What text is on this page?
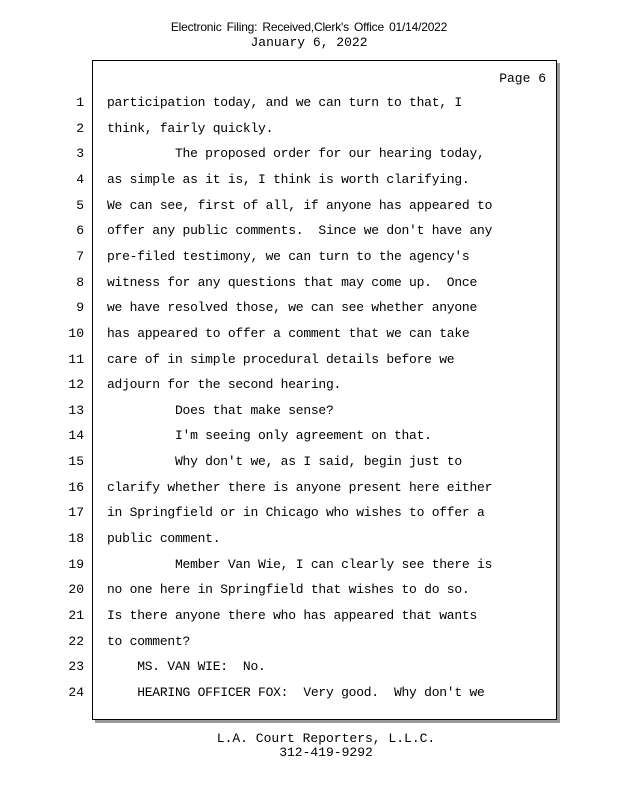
Electronic Filing: Received,Clerk's Office 01/14/2022
January 6, 2022
Page 6
1 participation today, and we can turn to that, I
2 think, fairly quickly.
3 The proposed order for our hearing today,
4 as simple as it is, I think is worth clarifying.
5 We can see, first of all, if anyone has appeared to
6 offer any public comments.  Since we don't have any
7 pre-filed testimony, we can turn to the agency's
8 witness for any questions that may come up.  Once
9 we have resolved those, we can see whether anyone
10 has appeared to offer a comment that we can take
11 care of in simple procedural details before we
12 adjourn for the second hearing.
13 Does that make sense?
14 I'm seeing only agreement on that.
15 Why don't we, as I said, begin just to
16 clarify whether there is anyone present here either
17 in Springfield or in Chicago who wishes to offer a
18 public comment.
19 Member Van Wie, I can clearly see there is
20 no one here in Springfield that wishes to do so.
21 Is there anyone there who has appeared that wants
22 to comment?
23 MS. VAN WIE:  No.
24 HEARING OFFICER FOX:  Very good.  Why don't we
L.A. Court Reporters, L.L.C.
312-419-9292
